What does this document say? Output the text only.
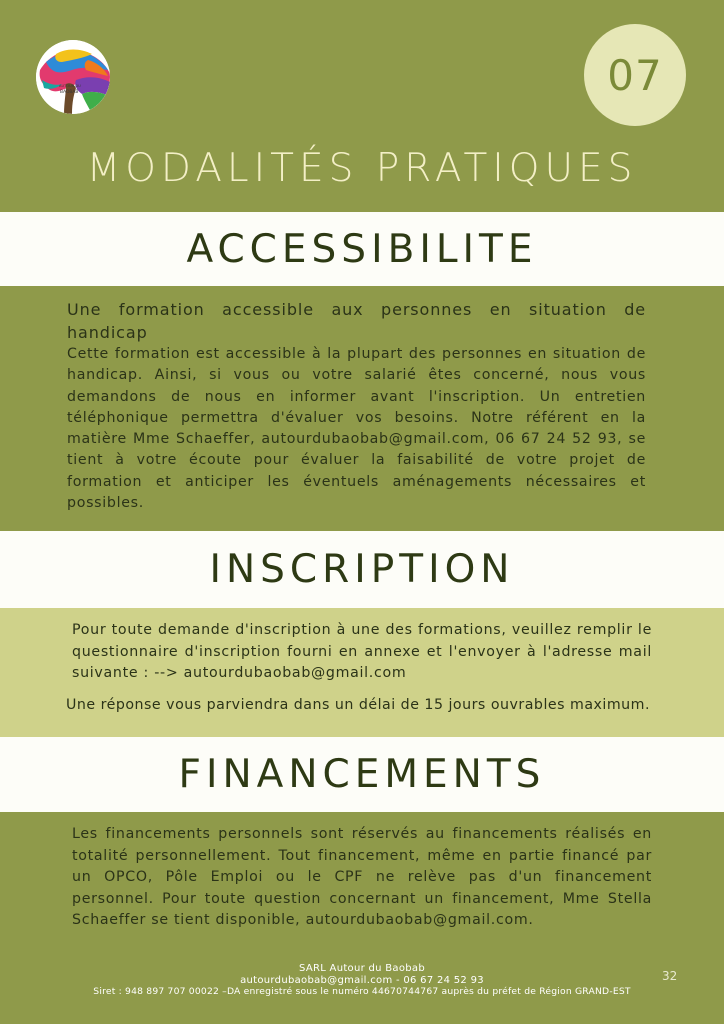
AUTOUR DU
BAOBAB	07
MODALITÉS PRATIQUES
ACCESSIBILITE

Une formation accessible aux personnes en situation de handicap

Cette formation est accessible à la plupart des personnes en situation de handicap. Ainsi, si vous ou votre salarié êtes concerné, nous vous demandons de nous en informer avant l'inscription. Un entretien téléphonique permettra d'évaluer vos besoins. Notre référent en la matière Mme Schaeffer, autourdubaobab@gmail.com, 06 67 24 52 93, se tient à votre écoute pour évaluer la faisabilité de votre projet de formation et anticiper les éventuels aménagements nécessaires et possibles.

INSCRIPTION

Pour toute demande d'inscription à une des formations, veuillez remplir le questionnaire d'inscription fourni en annexe et l'envoyer à l'adresse mail suivante : --> autourdubaobab@gmail.com

Une réponse vous parviendra dans un délai de 15 jours ouvrables maximum.

FINANCEMENTS

Les financements personnels sont réservés au financements réalisés en totalité personnellement. Tout financement, même en partie financé par un OPCO, Pôle Emploi ou le CPF ne relève pas d'un financement personnel. Pour toute question concernant un financement, Mme Stella Schaeffer se tient disponible, autourdubaobab@gmail.com.

SARL Autour du Baobab
autourdubaobab@gmail.com - 06 67 24 52 93
Siret : 948 897 707 00022 –DA enregistré sous le numéro 44670744767 auprès du préfet de Région GRAND-EST
32
